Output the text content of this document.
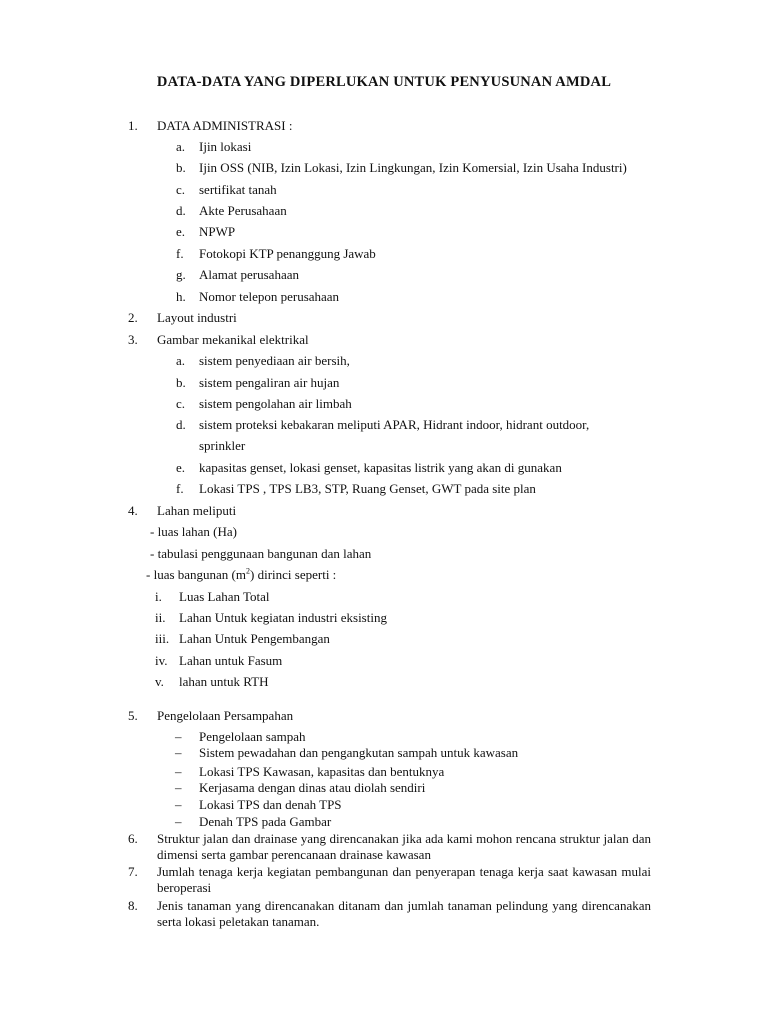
DATA-DATA YANG DIPERLUKAN UNTUK PENYUSUNAN AMDAL
1. DATA ADMINISTRASI :
a. Ijin lokasi
b. Ijin OSS (NIB, Izin Lokasi, Izin Lingkungan, Izin Komersial, Izin Usaha Industri)
c. sertifikat tanah
d. Akte Perusahaan
e. NPWP
f. Fotokopi KTP penanggung Jawab
g. Alamat perusahaan
h. Nomor telepon perusahaan
2. Layout industri
3. Gambar mekanikal elektrikal
a. sistem penyediaan air bersih,
b. sistem pengaliran air hujan
c. sistem pengolahan air limbah
d. sistem proteksi kebakaran meliputi APAR, Hidrant indoor, hidrant outdoor,
sprinkler
e. kapasitas genset, lokasi genset, kapasitas listrik yang akan di gunakan
f. Lokasi TPS , TPS LB3, STP, Ruang Genset, GWT pada site plan
4. Lahan meliputi
- luas lahan (Ha)
- tabulasi penggunaan bangunan dan lahan
- luas bangunan $(m^2)$ dirinci seperti :
i. Luas Lahan Total
ii. Lahan Untuk kegiatan industri eksisting
iii. Lahan Untuk Pengembangan
iv. Lahan untuk Fasum
v. lahan untuk RTH
5. Pengelolaan Persampahan
– Pengelolaan sampah
– Sistem pewadahan dan pengangkutan sampah untuk kawasan
– Lokasi TPS Kawasan, kapasitas dan bentuknya
– Kerjasama dengan dinas atau diolah sendiri
– Lokasi TPS dan denah TPS
– Denah TPS pada Gambar
6. Struktur jalan dan drainase yang direncanakan jika ada kami mohon rencana struktur jalan dan dimensi serta gambar perencanaan drainase kawasan
7. Jumlah tenaga kerja kegiatan pembangunan dan penyerapan tenaga kerja saat kawasan mulai beroperasi
8. Jenis tanaman yang direncanakan ditanam dan jumlah tanaman pelindung yang direncanakan serta lokasi peletakan tanaman.
